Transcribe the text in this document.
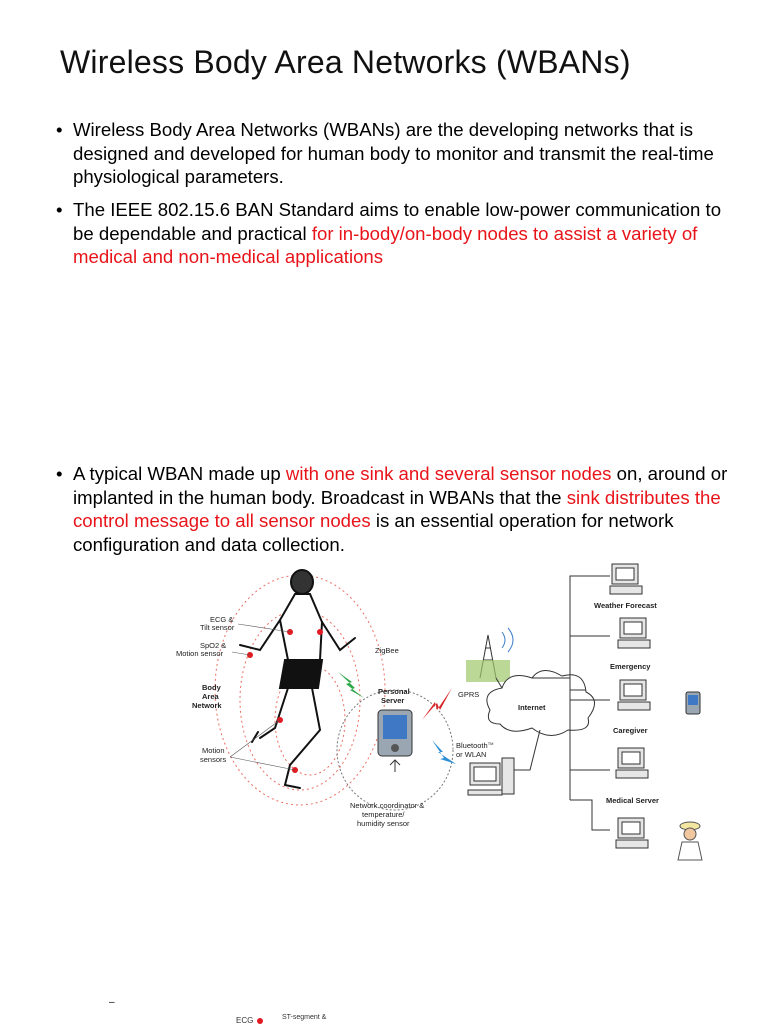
Wireless Body Area Networks (WBANs)

• Wireless Body Area Networks (WBANs) are the developing networks that is designed and developed for human body to monitor and transmit the real-time physiological parameters.

• The IEEE 802.15.6 BAN Standard aims to enable low-power communication to be dependable and practical for in-body/on-body nodes to assist a variety of medical and non-medical applications

• A typical WBAN made up with one sink and several sensor nodes on, around or implanted in the human body. Broadcast in WBANs that the sink distributes the control message to all sensor nodes is an essential operation for network configuration and data collection.

ECG &
Tilt sensor
SpO2 &
Motion sensor
Body
Area
Network
Motion
sensors
ZigBee
Personal
Server
Network coordinator &
temperature/
humidity sensor
GPRS
Bluetooth™
or WLAN
Internet
Weather Forecast
Emergency
Caregiver
Medical Server
–
ECG	ST-segment &
